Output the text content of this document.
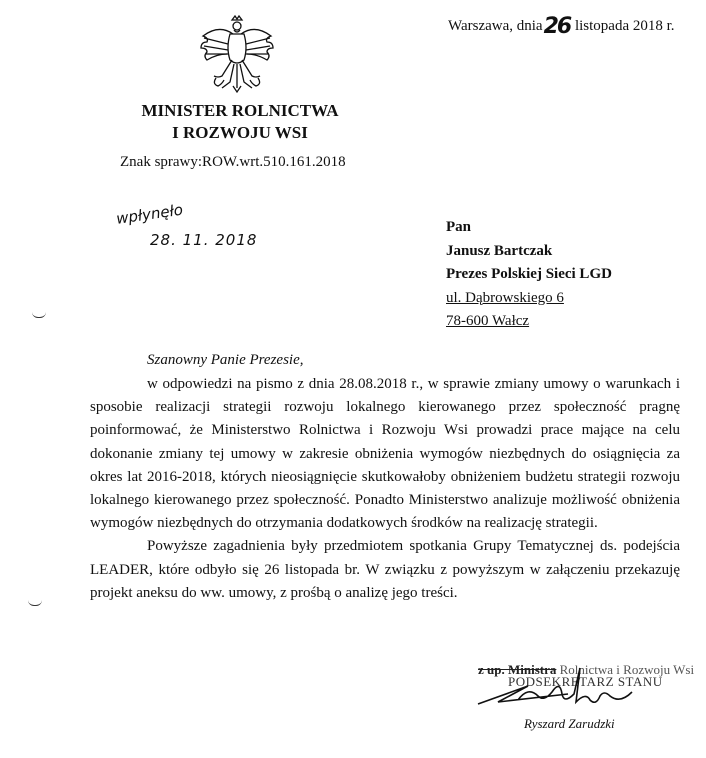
Warszawa, dnia26 listopada 2018 r.
MINISTER ROLNICTWA
I ROZWOJU WSI
Znak sprawy:ROW.wrt.510.161.2018
wpłynęło
28. 11. 2018
Pan
Janusz Bartczak
Prezes Polskiej Sieci LGD
ul. Dąbrowskiego 6
78-600 Wałcz
Szanowny Panie Prezesie,

w odpowiedzi na pismo z dnia 28.08.2018 r., w sprawie zmiany umowy o warunkach i sposobie realizacji strategii rozwoju lokalnego kierowanego przez społeczność pragnę poinformować, że Ministerstwo Rolnictwa i Rozwoju Wsi prowadzi prace mające na celu dokonanie zmiany tej umowy w zakresie obniżenia wymogów niezbędnych do osiągnięcia za okres lat 2016-2018, których nieosiągnięcie skutkowałoby obniżeniem budżetu strategii rozwoju lokalnego kierowanego przez społeczność. Ponadto Ministerstwo analizuje możliwość obniżenia wymogów niezbędnych do otrzymania dodatkowych środków na realizację strategii.

Powyższe zagadnienia były przedmiotem spotkania Grupy Tematycznej ds. podejścia LEADER, które odbyło się 26 listopada br. W związku z powyższym w załączeniu przekazuję projekt aneksu do ww. umowy, z prośbą o analizę jego treści.

z up. Ministra Rolnictwa i Rozwoju Wsi
PODSEKRETARZ STANU
Ryszard Zarudzki
